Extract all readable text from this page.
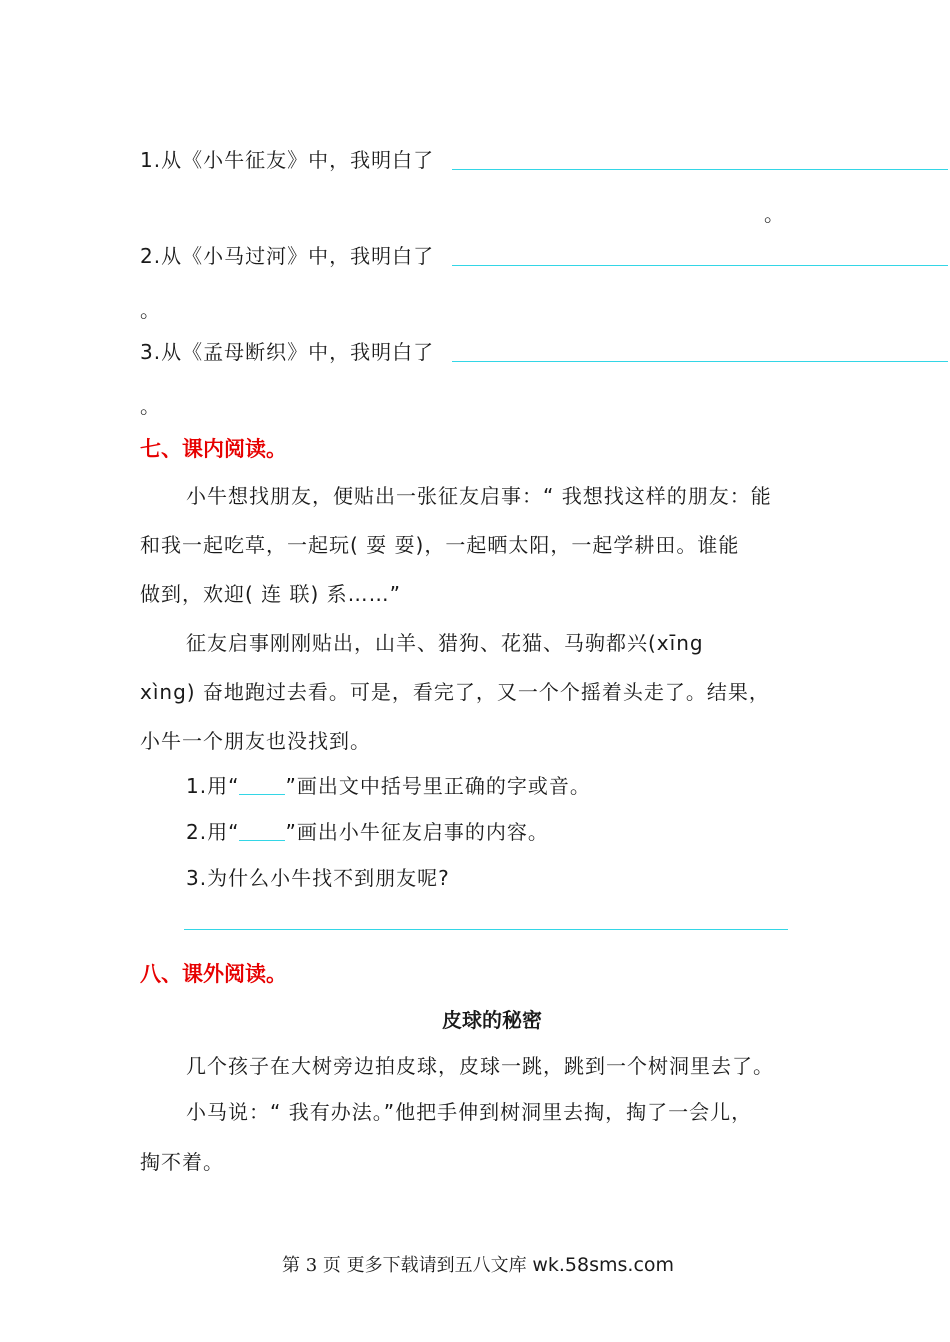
1.从《小牛征友》中，我明白了
。
2.从《小马过河》中，我明白了
。
3.从《孟母断织》中，我明白了
。
七、课内阅读。
小牛想找朋友，便贴出一张征友启事：“ 我想找这样的朋友：能
和我一起吃草，一起玩( 耍 耍)，一起晒太阳，一起学耕田。谁能
做到，欢迎( 连 联) 系……”
征友启事刚刚贴出，山羊、猎狗、花猫、马驹都兴(xīng
xìng) 奋地跑过去看。可是，看完了，又一个个摇着头走了。结果，
小牛一个朋友也没找到。
1.用“ ”画出文中括号里正确的字或音。
2.用“ ”画出小牛征友启事的内容。
3.为什么小牛找不到朋友呢?
八、课外阅读。
皮球的秘密
几个孩子在大树旁边拍皮球，皮球一跳，跳到一个树洞里去了。
小马说：“ 我有办法。”他把手伸到树洞里去掏，掏了一会儿，
掏不着。
第 3 页 更多下载请到五八文库 wk.58sms.com
